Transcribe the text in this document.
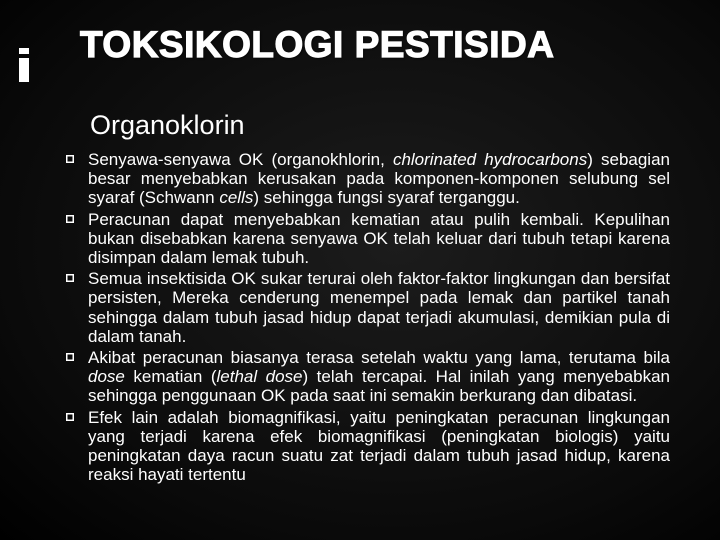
TOKSIKOLOGI PESTISIDA
Organoklorin
Senyawa-senyawa OK (organokhlorin, chlorinated hydrocarbons) sebagian besar menyebabkan kerusakan pada komponen-komponen selubung sel syaraf (Schwann cells) sehingga fungsi syaraf terganggu.
Peracunan dapat menyebabkan kematian atau pulih kembali. Kepulihan bukan disebabkan karena senyawa OK telah keluar dari tubuh tetapi karena disimpan dalam lemak tubuh.
Semua insektisida OK sukar terurai oleh faktor-faktor lingkungan dan bersifat persisten, Mereka cenderung menempel pada lemak dan partikel tanah sehingga dalam tubuh jasad hidup dapat terjadi akumulasi, demikian pula di dalam tanah.
Akibat peracunan biasanya terasa setelah waktu yang lama, terutama bila dose kematian (lethal dose) telah tercapai. Hal inilah yang menyebabkan sehingga penggunaan OK pada saat ini semakin berkurang dan dibatasi.
Efek lain adalah biomagnifikasi, yaitu peningkatan peracunan lingkungan yang terjadi karena efek biomagnifikasi (peningkatan biologis) yaitu peningkatan daya racun suatu zat terjadi dalam tubuh jasad hidup, karena reaksi hayati tertentu
